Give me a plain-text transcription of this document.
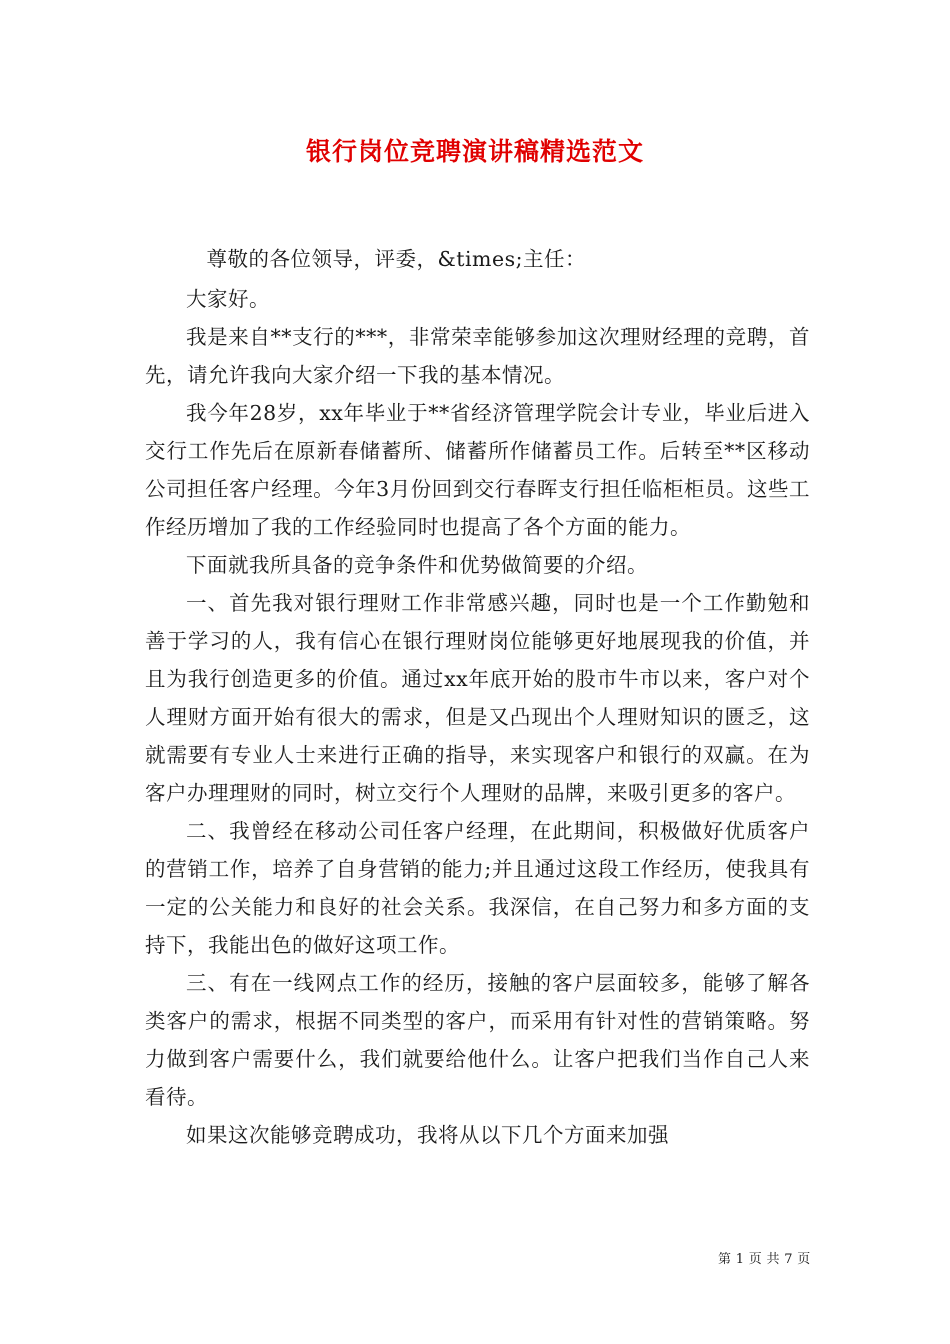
银行岗位竞聘演讲稿精选范文

尊敬的各位领导，评委，&times;主任：

大家好。

我是来自**支行的***，非常荣幸能够参加这次理财经理的竞聘，首先，请允许我向大家介绍一下我的基本情况。

我今年28岁，xx年毕业于**省经济管理学院会计专业，毕业后进入交行工作先后在原新春储蓄所、储蓄所作储蓄员工作。后转至**区移动公司担任客户经理。今年3月份回到交行春晖支行担任临柜柜员。这些工作经历增加了我的工作经验同时也提高了各个方面的能力。

下面就我所具备的竞争条件和优势做简要的介绍。

一、首先我对银行理财工作非常感兴趣，同时也是一个工作勤勉和善于学习的人，我有信心在银行理财岗位能够更好地展现我的价值，并且为我行创造更多的价值。通过xx年底开始的股市牛市以来，客户对个人理财方面开始有很大的需求，但是又凸现出个人理财知识的匮乏，这就需要有专业人士来进行正确的指导，来实现客户和银行的双赢。在为客户办理理财的同时，树立交行个人理财的品牌，来吸引更多的客户。

二、我曾经在移动公司任客户经理，在此期间，积极做好优质客户的营销工作，培养了自身营销的能力;并且通过这段工作经历，使我具有一定的公关能力和良好的社会关系。我深信，在自己努力和多方面的支持下，我能出色的做好这项工作。

三、有在一线网点工作的经历，接触的客户层面较多，能够了解各类客户的需求，根据不同类型的客户，而采用有针对性的营销策略。努力做到客户需要什么，我们就要给他什么。让客户把我们当作自己人来看待。

如果这次能够竞聘成功，我将从以下几个方面来加强

第 1 页 共 7 页
